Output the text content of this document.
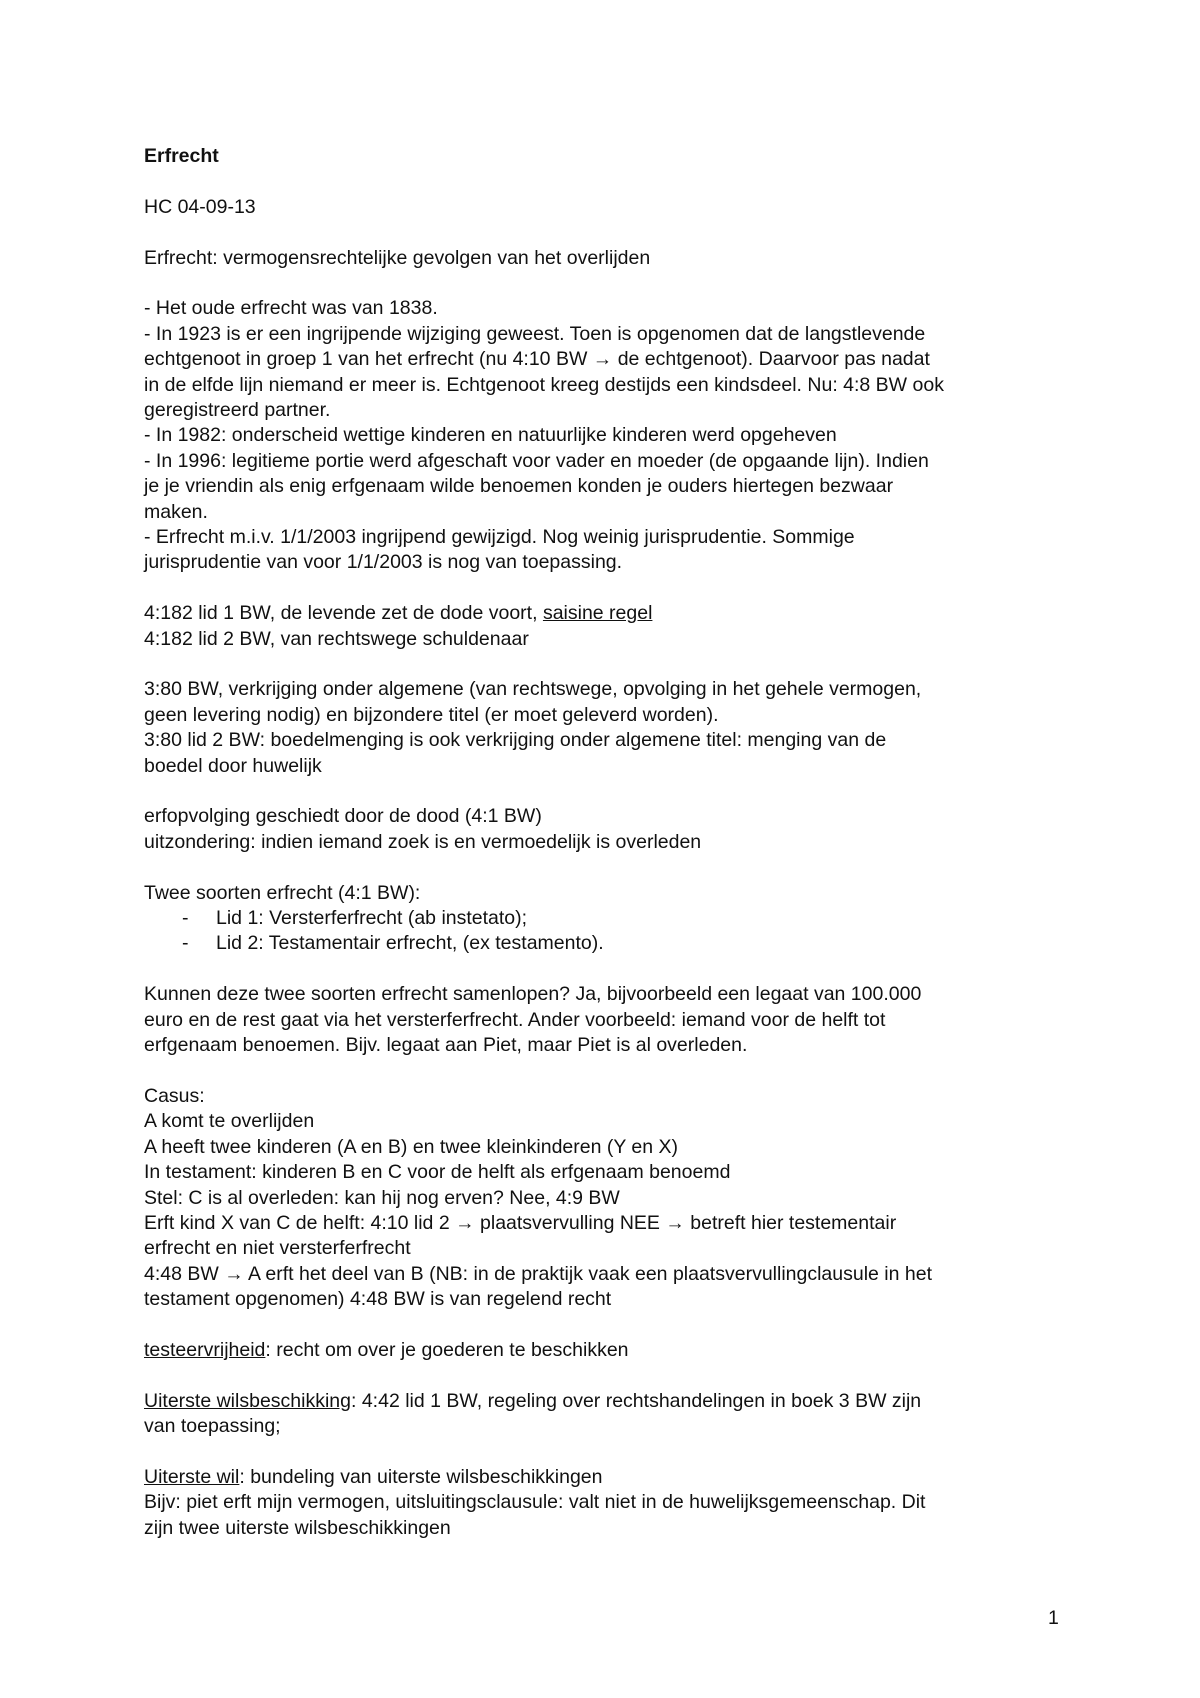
Erfrecht

HC 04-09-13

Erfrecht: vermogensrechtelijke gevolgen van het overlijden

- Het oude erfrecht was van 1838.

- In 1923 is er een ingrijpende wijziging geweest. Toen is opgenomen dat de langstlevende

echtgenoot in groep 1 van het erfrecht (nu 4:10 BW → de echtgenoot). Daarvoor pas nadat

in de elfde lijn niemand er meer is. Echtgenoot kreeg destijds een kindsdeel. Nu: 4:8 BW ook

geregistreerd partner.

- In 1982: onderscheid wettige kinderen en natuurlijke kinderen werd opgeheven

- In 1996: legitieme portie werd afgeschaft voor vader en moeder (de opgaande lijn). Indien

je je vriendin als enig erfgenaam wilde benoemen konden je ouders hiertegen bezwaar

maken.

- Erfrecht m.i.v. 1/1/2003 ingrijpend gewijzigd. Nog weinig jurisprudentie. Sommige

jurisprudentie van voor 1/1/2003 is nog van toepassing.

4:182 lid 1 BW, de levende zet de dode voort, saisine regel

4:182 lid 2 BW, van rechtswege schuldenaar

3:80 BW, verkrijging onder algemene (van rechtswege, opvolging in het gehele vermogen,

geen levering nodig) en bijzondere titel (er moet geleverd worden).

3:80 lid 2 BW: boedelmenging is ook verkrijging onder algemene titel: menging van de

boedel door huwelijk

erfopvolging geschiedt door de dood (4:1 BW)

uitzondering: indien iemand zoek is en vermoedelijk is overleden

Twee soorten erfrecht (4:1 BW):

- Lid 1: Versterferfrecht (ab instetato);

- Lid 2: Testamentair erfrecht, (ex testamento).

Kunnen deze twee soorten erfrecht samenlopen? Ja, bijvoorbeeld een legaat van 100.000

euro en de rest gaat via het versterferfrecht. Ander voorbeeld: iemand voor de helft tot

erfgenaam benoemen. Bijv. legaat aan Piet, maar Piet is al overleden.

Casus:

A komt te overlijden

A heeft twee kinderen (A en B) en twee kleinkinderen (Y en X)

In testament: kinderen B en C voor de helft als erfgenaam benoemd

Stel: C is al overleden: kan hij nog erven? Nee, 4:9 BW

Erft kind X van C de helft: 4:10 lid 2 → plaatsvervulling NEE → betreft hier testementair

erfrecht en niet versterferfrecht

4:48 BW → A erft het deel van B (NB: in de praktijk vaak een plaatsvervullingclausule in het

testament opgenomen) 4:48 BW is van regelend recht

testeervrijheid: recht om over je goederen te beschikken

Uiterste wilsbeschikking: 4:42 lid 1 BW, regeling over rechtshandelingen in boek 3 BW zijn

van toepassing;

Uiterste wil: bundeling van uiterste wilsbeschikkingen

Bijv: piet erft mijn vermogen, uitsluitingsclausule: valt niet in de huwelijksgemeenschap. Dit

zijn twee uiterste wilsbeschikkingen

1
